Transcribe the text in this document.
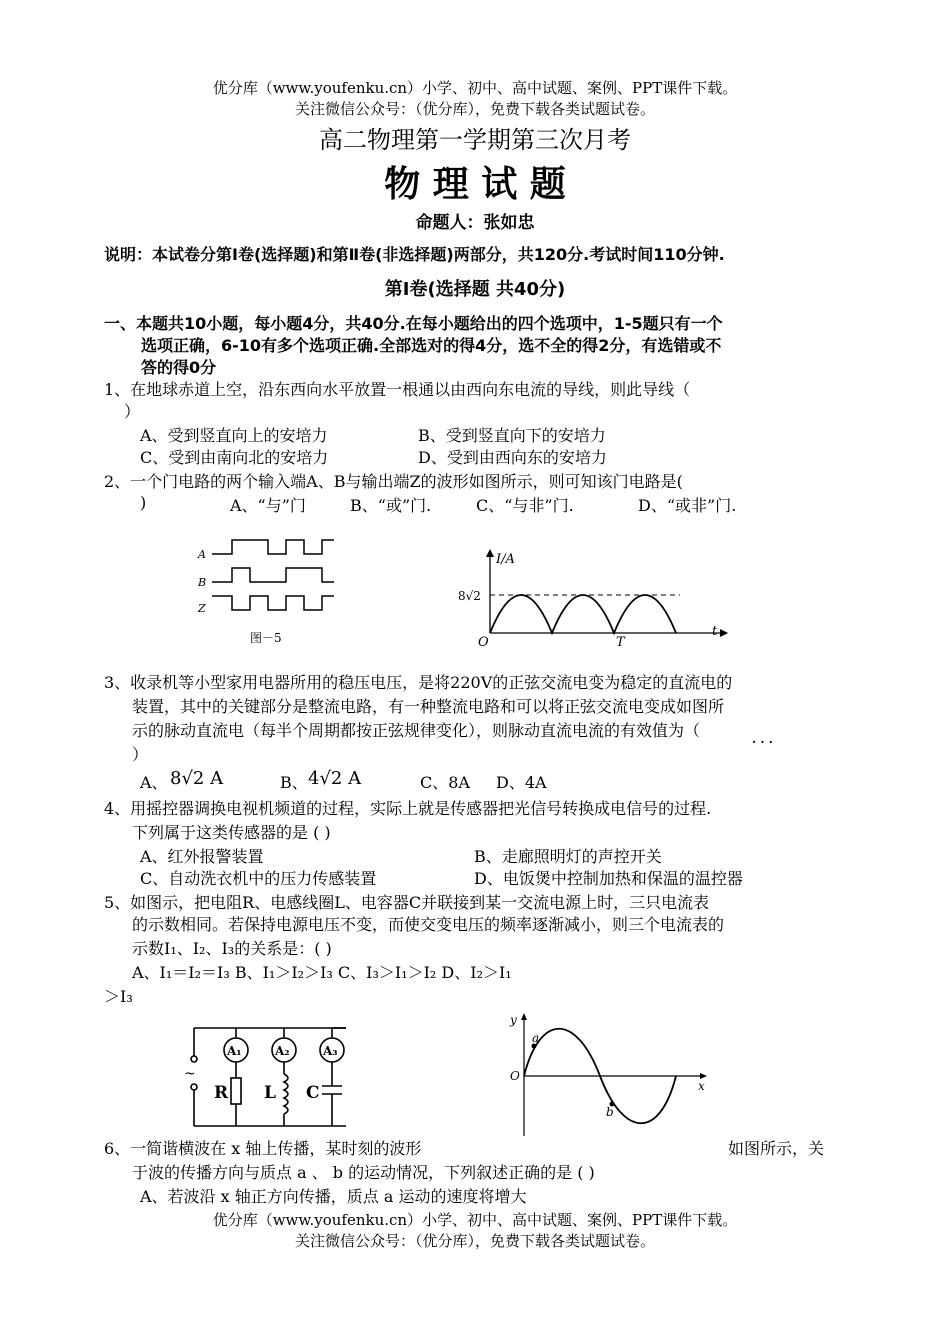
优分库（www.youfenku.cn）小学、初中、高中试题、案例、PPT课件下载。
关注微信公众号：（优分库），免费下载各类试题试卷。
高二物理第一学期第三次月考
物 理 试 题
命题人：张如忠
说明：本试卷分第Ⅰ卷(选择题)和第Ⅱ卷(非选择题)两部分，共120分.考试时间110分钟.
第Ⅰ卷(选择题 共40分)
一、本题共10小题，每小题4分，共40分.在每小题给出的四个选项中，1-5题只有一个
选项正确，6-10有多个选项正确.全部选对的得4分，选不全的得2分，有选错或不
答的得0分
1、在地球赤道上空，沿东西向水平放置一根通以由西向东电流的导线，则此导线（
）
A、受到竖直向上的安培力	B、受到竖直向下的安培力
C、受到由南向北的安培力	D、受到由西向东的安培力
2、一个门电路的两个输入端A、B与输出端Z的波形如图所示，则可知该门电路是(
)	A、“与”门	B、“或”门.	C、“与非”门.	D、“或非”门.
A
B
Z
图－5
I/A
8√2
O	T
t
3、收录机等小型家用电器所用的稳压电压，是将220V的正弦交流电变为稳定的直流电的
装置，其中的关键部分是整流电路，有一种整流电路和可以将正弦交流电变成如图所
示的脉动直流电（每半个周期都按正弦规律变化），则脉动直流电流的有效值为（
· · ·
）
A、 8√2 A	B、 4√2 A	C、8A D、4A
4、用摇控器调换电视机频道的过程，实际上就是传感器把光信号转换成电信号的过程.
下列属于这类传感器的是 ( )
A、红外报警装置	B、走廊照明灯的声控开关
C、自动洗衣机中的压力传感装置	D、电饭煲中控制加热和保温的温控器
5、如图示，把电阻R、电感线圈L、电容器C并联接到某一交流电源上时，三只电流表
的示数相同。若保持电源电压不变，而使交变电压的频率逐渐减小，则三个电流表的
示数I₁、I₂、I₃的关系是：( )
A、I₁＝I₂＝I₃ B、I₁＞I₂＞I₃ C、I₃＞I₁＞I₂ D、I₂＞I₁
＞I₃
A₁	A₂	A₃
R L C
~
y
x
O
a
b
6、一简谐横波在 x 轴上传播，某时刻的波形	如图所示，关
于波的传播方向与质点 a 、 b 的运动情况，下列叙述正确的是 ( )
A、若波沿 x 轴正方向传播，质点 a 运动的速度将增大
优分库（www.youfenku.cn）小学、初中、高中试题、案例、PPT课件下载。
关注微信公众号：（优分库），免费下载各类试题试卷。
